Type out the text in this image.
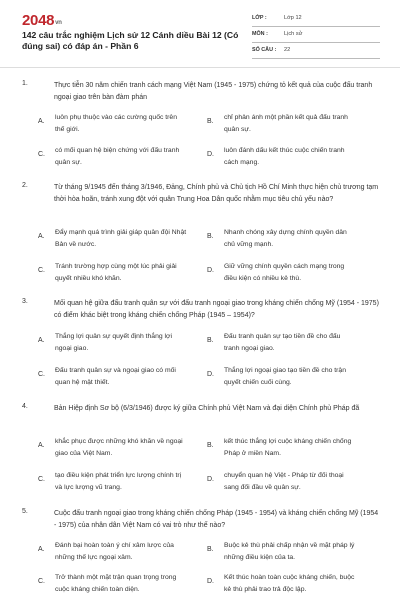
2048vn
142 câu trắc nghiệm Lịch sử 12 Cánh diều Bài 12 (Có đúng sai) có đáp án - Phần 6
LỚP :	Lớp 12
MÔN :	Lịch sử
SỐ CÂU : 22
1.	Thực tiễn 30 năm chiến tranh cách mạng Việt Nam (1945 - 1975) chứng tỏ kết quả của cuộc đấu tranh ngoại giao trên bàn đàm phán
A.
luôn phụ thuộc vào các cường quốc trên thế giới.
B.
chỉ phản ánh một phần kết quả đấu tranh quân sự.
C.
có mối quan hệ biện chứng với đấu tranh quân sự.
D.
luôn đánh dấu kết thúc cuộc chiến tranh cách mạng.
2.	Từ tháng 9/1945 đến tháng 3/1946, Đảng, Chính phủ và Chủ tịch Hồ Chí Minh thực hiện chủ trương tạm thời hòa hoãn, tránh xung đột với quân Trung Hoa Dân quốc nhằm mục tiêu chủ yếu nào?
A.
Đẩy mạnh quá trình giải giáp quân đội Nhật Bản về nước.
B.
Nhanh chóng xây dựng chính quyền dân chủ vững mạnh.
C.
Tránh trường hợp cùng một lúc phải giải quyết nhiều khó khăn.
D.
Giữ vững chính quyền cách mạng trong điều kiện có nhiều kẻ thù.
3.	Mối quan hệ giữa đấu tranh quân sự với đấu tranh ngoại giao trong kháng chiến chống Mỹ (1954 - 1975) có điểm khác biệt trong kháng chiến chống Pháp (1945 – 1954)?
A.
Thắng lợi quân sự quyết định thắng lợi ngoại giao.
B.
Đấu tranh quân sự tạo tiền đề cho đấu tranh ngoại giao.
C.
Đấu tranh quân sự và ngoại giao có mối quan hệ mật thiết.
D.
Thắng lợi ngoại giao tạo tiền đề cho trận quyết chiến cuối cùng.
4.	Bản Hiệp định Sơ bộ (6/3/1946) được ký giữa Chính phủ Việt Nam và đại diện Chính phủ Pháp đã
A.
khắc phục được những khó khăn về ngoại giao của Việt Nam.
B.
kết thúc thắng lợi cuộc kháng chiến chống Pháp ở miền Nam.
C.
tạo điều kiện phát triển lực lượng chính trị và lực lượng vũ trang.
D.
chuyển quan hệ Việt - Pháp từ đối thoại sang đối đầu về quân sự.
5.	Cuộc đấu tranh ngoại giao trong kháng chiến chống Pháp (1945 - 1954) và kháng chiến chống Mỹ (1954 - 1975) của nhân dân Việt Nam có vai trò như thế nào?
A.
Đánh bại hoàn toàn ý chí xâm lược của những thế lực ngoại xâm.
B.
Buộc kẻ thù phải chấp nhận về mặt pháp lý những điều kiện của ta.
C.
Trở thành một mặt trận quan trọng trong cuộc kháng chiến toàn diện.
D.
Kết thúc hoàn toàn cuộc kháng chiến, buộc kẻ thù phải trao trả độc lập.
